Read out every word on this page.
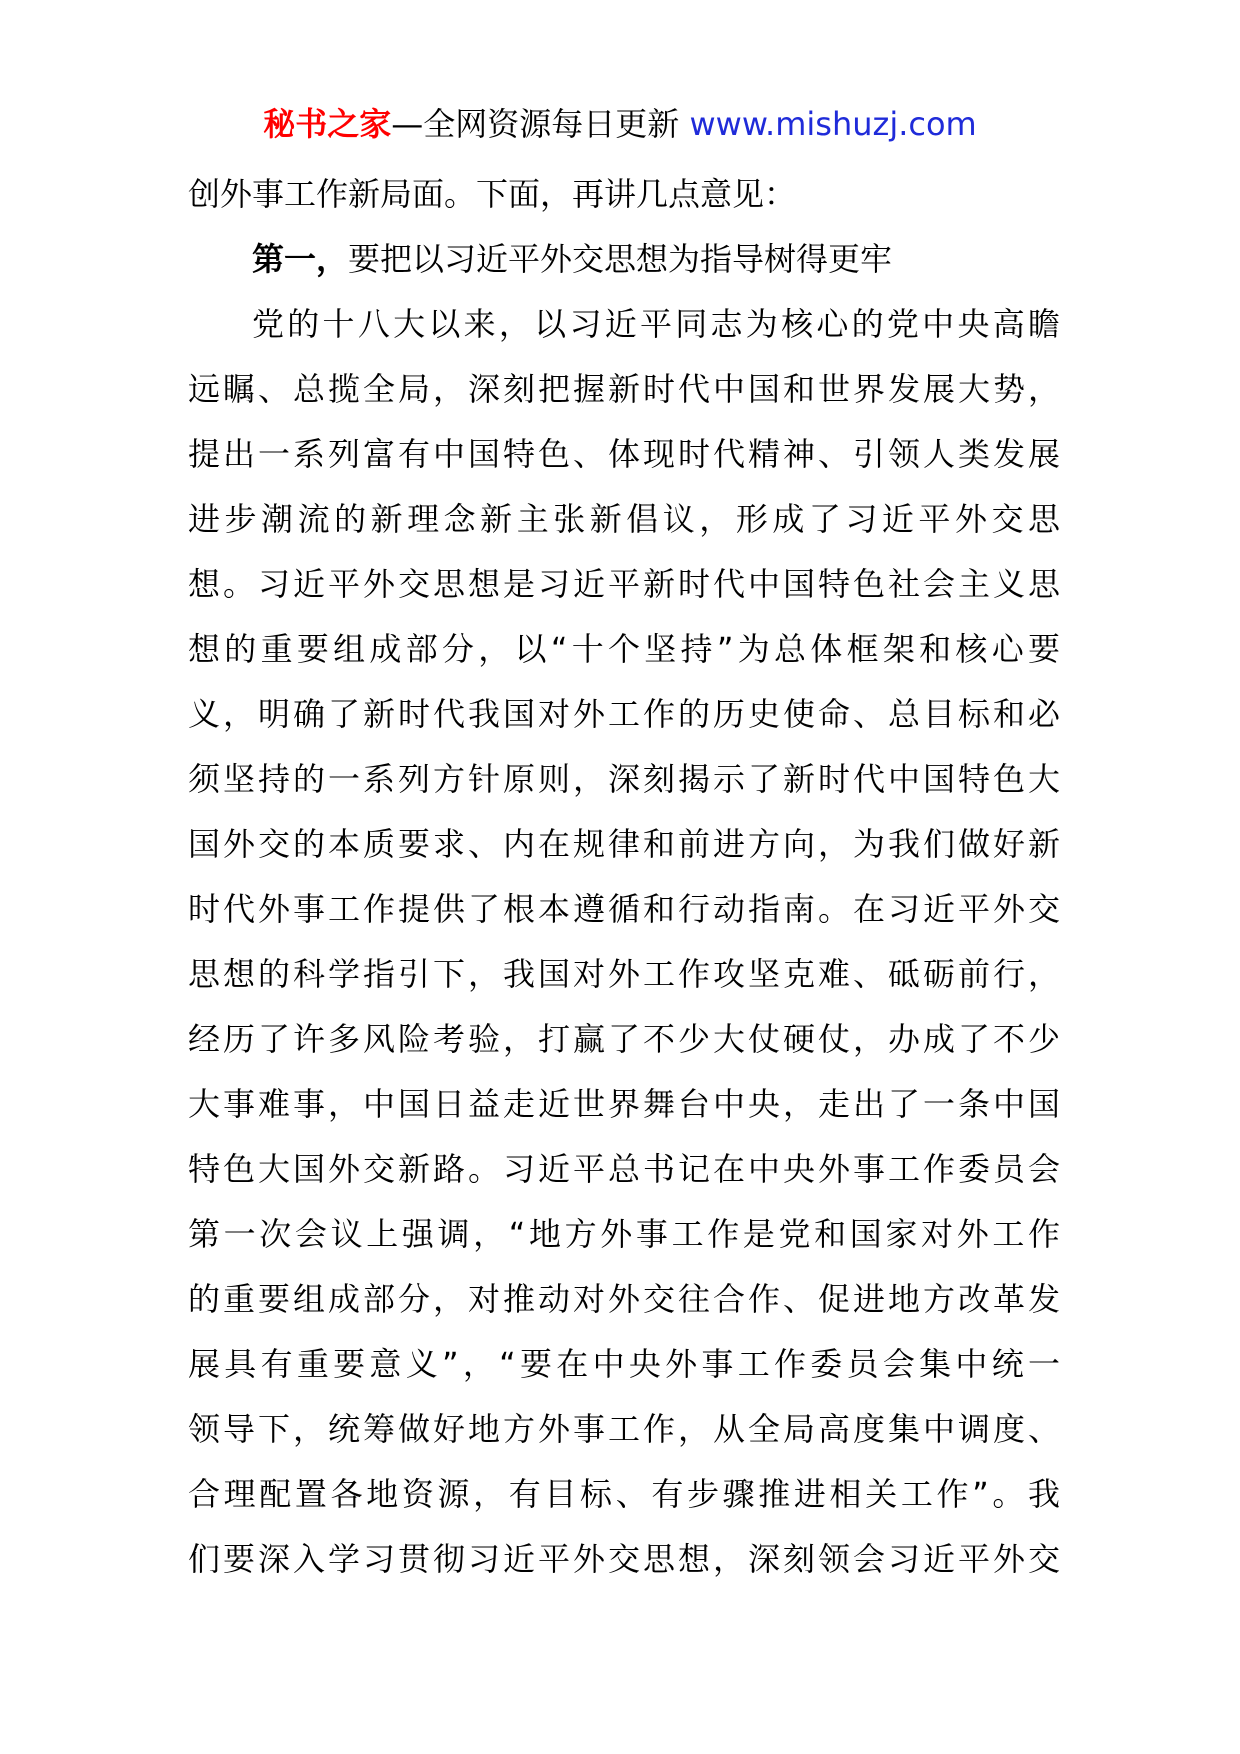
秘书之家—全网资源每日更新 www.mishuzj.com
创外事工作新局面。下面，再讲几点意见：
第一，要把以习近平外交思想为指导树得更牢
党的十八大以来，以习近平同志为核心的党中央高瞻
远瞩、总揽全局，深刻把握新时代中国和世界发展大势，
提出一系列富有中国特色、体现时代精神、引领人类发展
进步潮流的新理念新主张新倡议，形成了习近平外交思
想。习近平外交思想是习近平新时代中国特色社会主义思
想的重要组成部分，以“十个坚持”为总体框架和核心要
义，明确了新时代我国对外工作的历史使命、总目标和必
须坚持的一系列方针原则，深刻揭示了新时代中国特色大
国外交的本质要求、内在规律和前进方向，为我们做好新
时代外事工作提供了根本遵循和行动指南。在习近平外交
思想的科学指引下，我国对外工作攻坚克难、砥砺前行，
经历了许多风险考验，打赢了不少大仗硬仗，办成了不少
大事难事，中国日益走近世界舞台中央，走出了一条中国
特色大国外交新路。习近平总书记在中央外事工作委员会
第一次会议上强调，“地方外事工作是党和国家对外工作
的重要组成部分，对推动对外交往合作、促进地方改革发
展具有重要意义”，“要在中央外事工作委员会集中统一
领导下，统筹做好地方外事工作，从全局高度集中调度、
合理配置各地资源，有目标、有步骤推进相关工作”。我
们要深入学习贯彻习近平外交思想，深刻领会习近平外交
